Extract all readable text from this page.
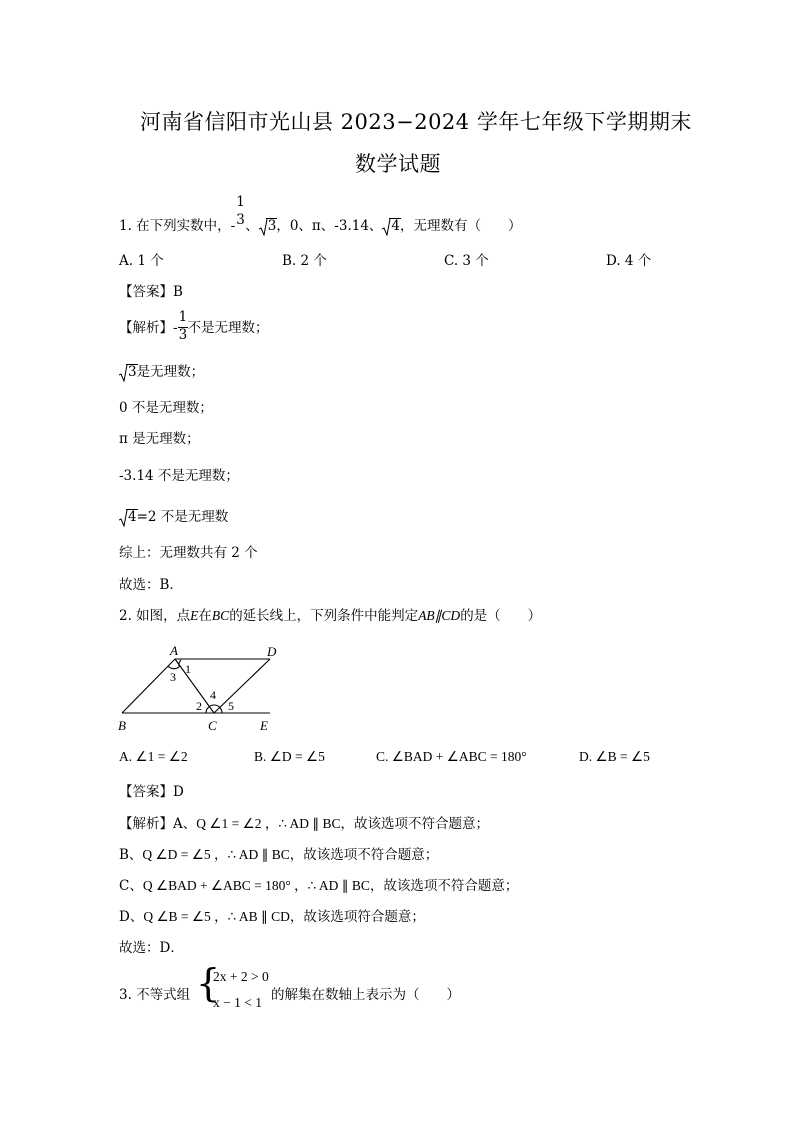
河南省信阳市光山县 2023−2024 学年七年级下学期期末
数学试题
1. 在下列实数中，-
1
3 、 3，0、π、-3.14、 4，无理数有（　　）
A. 1 个	B. 2 个	C. 3 个	D. 4 个
【答案】B
【解析】- $\frac{1}{3}$ 不是无理数；
3是无理数；
0 不是无理数；
π 是无理数；
-3.14 不是无理数；
4=2 不是无理数
综上：无理数共有 2 个
故选：B．
2. 如图，点E在BC的延长线上，下列条件中能判定AB∥CD的是（　　）
A
B	C
D
E
1
2
3
4
5
A. ∠1 = ∠2	B. ∠D = ∠5	C. ∠BAD + ∠ABC = 180°	D. ∠B = ∠5
【答案】D
【解析】A、Q ∠1 = ∠2 ，∴ AD ∥ BC，故该选项不符合题意；
B、Q ∠D = ∠5 ，∴ AD ∥ BC，故该选项不符合题意；
C、Q ∠BAD + ∠ABC = 180° ，∴ AD ∥ BC，故该选项不符合题意；
D、Q ∠B = ∠5 ，∴ AB ∥ CD，故该选项符合题意；
故选：D．
3. 不等式组 {
2x + 2 > 0
x − 1 < 1 的解集在数轴上表示为（　　）
